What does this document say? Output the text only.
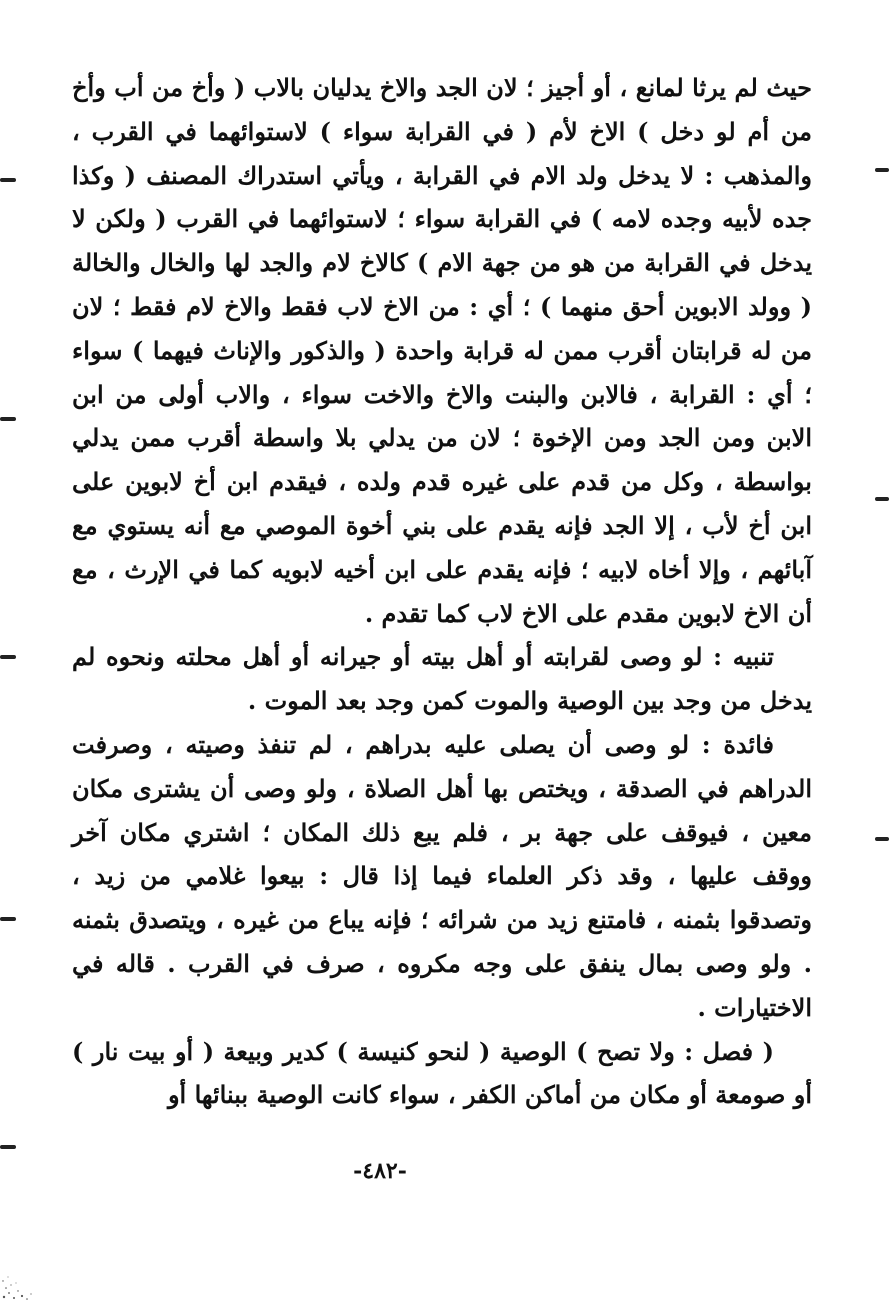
حيث لم يرثا لمانع ، أو أجيز ؛ لان الجد والاخ يدليان بالاب ( وأخ من أب وأخ من أم لو دخل ) الاخ لأم ( في القرابة سواء ) لاستوائهما في القرب ، والمذهب : لا يدخل ولد الام في القرابة ، ويأتي استدراك المصنف ( وكذا جده لأبيه وجده لامه ) في القرابة سواء ؛ لاستوائهما في القرب ( ولكن لا يدخل في القرابة من هو من جهة الام ) كالاخ لام والجد لها والخال والخالة ( وولد الابوين أحق منهما ) ؛ أي : من الاخ لاب فقط والاخ لام فقط ؛ لان من له قرابتان أقرب ممن له قرابة واحدة ( والذكور والإناث فيهما ) سواء ؛ أي : القرابة ، فالابن والبنت والاخ والاخت سواء ، والاب أولى من ابن الابن ومن الجد ومن الإخوة ؛ لان من يدلي بلا واسطة أقرب ممن يدلي بواسطة ، وكل من قدم على غيره قدم ولده ، فيقدم ابن أخ لابوين على ابن أخ لأب ، إلا الجد فإنه يقدم على بني أخوة الموصي مع أنه يستوي مع آبائهم ، وإلا أخاه لابيه ؛ فإنه يقدم على ابن أخيه لابويه كما في الإرث ، مع أن الاخ لابوين مقدم على الاخ لاب كما تقدم .

تنبيه : لو وصى لقرابته أو أهل بيته أو جيرانه أو أهل محلته ونحوه لم يدخل من وجد بين الوصية والموت كمن وجد بعد الموت .

فائدة : لو وصى أن يصلى عليه بدراهم ، لم تنفذ وصيته ، وصرفت الدراهم في الصدقة ، ويختص بها أهل الصلاة ، ولو وصى أن يشترى مكان معين ، فيوقف على جهة بر ، فلم يبع ذلك المكان ؛ اشتري مكان آخر ووقف عليها ، وقد ذكر العلماء فيما إذا قال : بيعوا غلامي من زيد ، وتصدقوا بثمنه ، فامتنع زيد من شرائه ؛ فإنه يباع من غيره ، ويتصدق بثمنه . ولو وصى بمال ينفق على وجه مكروه ، صرف في القرب . قاله في الاختيارات .

( فصل : ولا تصح ) الوصية ( لنحو كنيسة ) كدير وبيعة ( أو بيت نار ) أو صومعة أو مكان من أماكن الكفر ، سواء كانت الوصية ببنائها أو

-٤٨٢-
